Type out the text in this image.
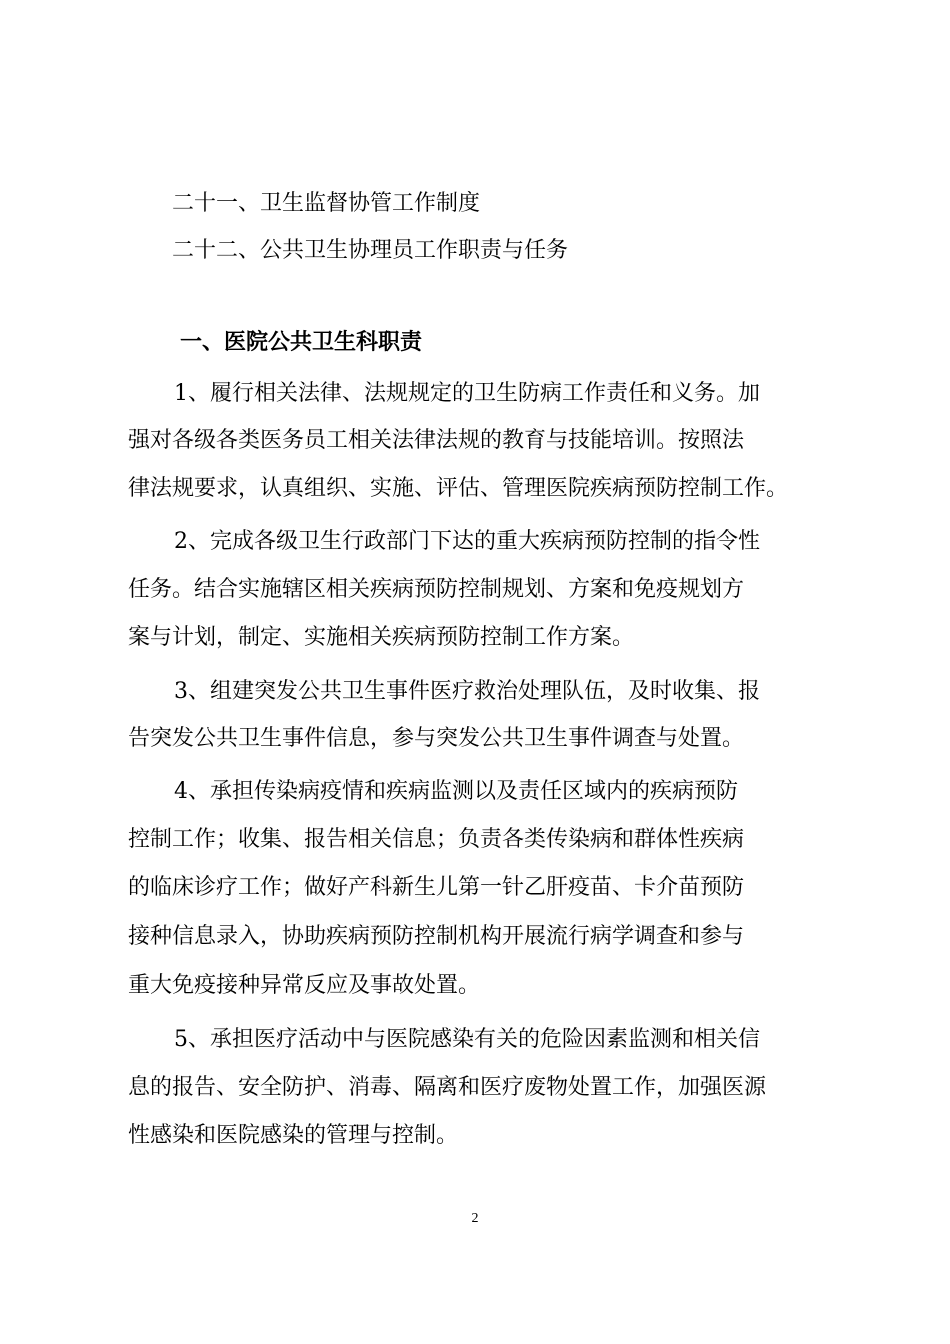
二十一、卫生监督协管工作制度
二十二、公共卫生协理员工作职责与任务
一、医院公共卫生科职责
1、履行相关法律、法规规定的卫生防病工作责任和义务。加
强对各级各类医务员工相关法律法规的教育与技能培训。按照法
律法规要求，认真组织、实施、评估、管理医院疾病预防控制工作。
2、完成各级卫生行政部门下达的重大疾病预防控制的指令性
任务。结合实施辖区相关疾病预防控制规划、方案和免疫规划方
案与计划，制定、实施相关疾病预防控制工作方案。
3、组建突发公共卫生事件医疗救治处理队伍，及时收集、报
告突发公共卫生事件信息，参与突发公共卫生事件调查与处置。
4、承担传染病疫情和疾病监测以及责任区域内的疾病预防
控制工作；收集、报告相关信息；负责各类传染病和群体性疾病
的临床诊疗工作；做好产科新生儿第一针乙肝疫苗、卡介苗预防
接种信息录入，协助疾病预防控制机构开展流行病学调查和参与
重大免疫接种异常反应及事故处置。
5、承担医疗活动中与医院感染有关的危险因素监测和相关信
息的报告、安全防护、消毒、隔离和医疗废物处置工作，加强医源
性感染和医院感染的管理与控制。
2
